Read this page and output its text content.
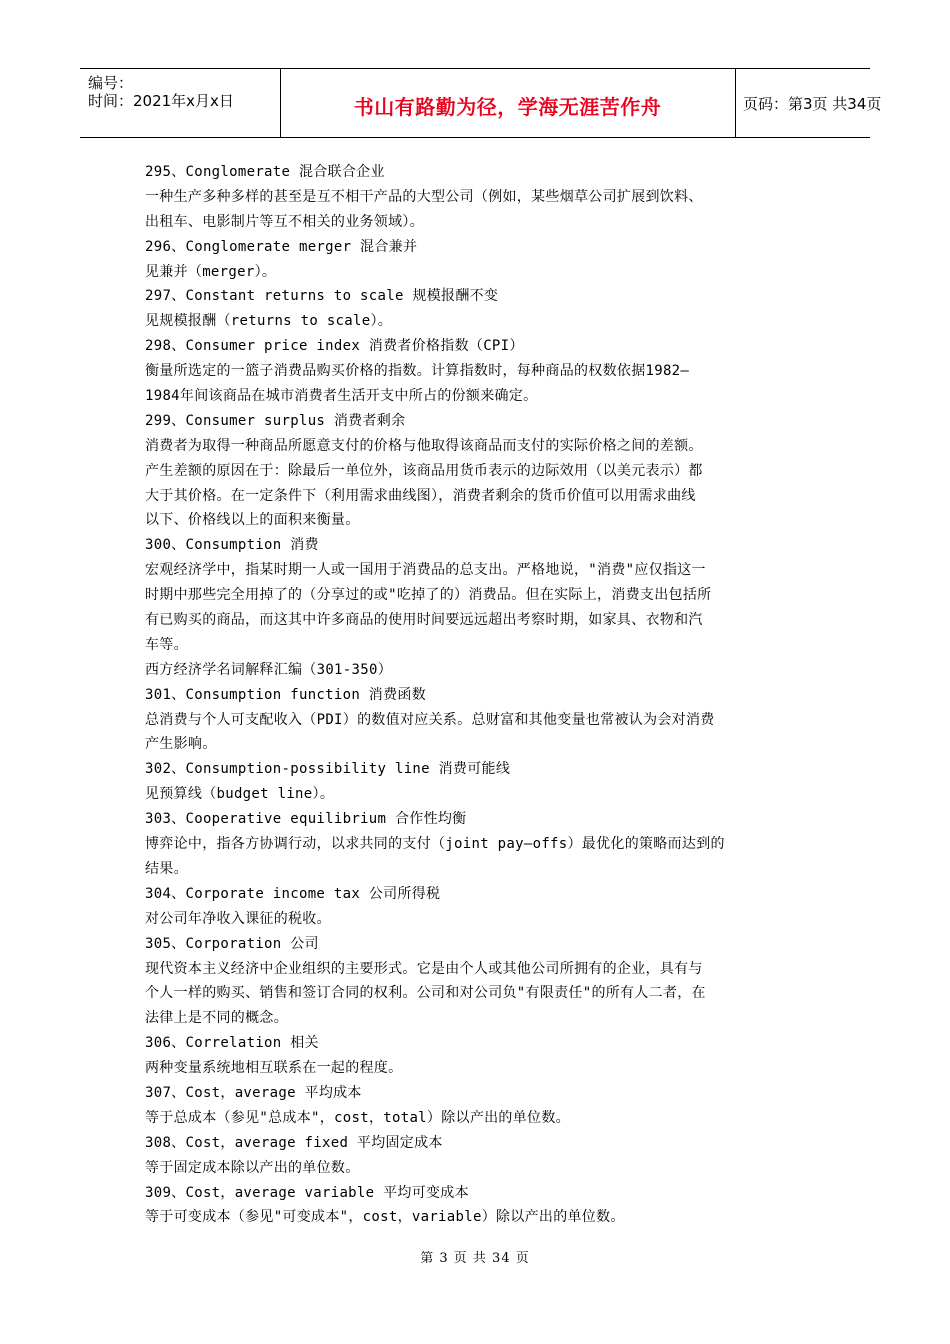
编号：
时间：2021年x月x日	书山有路勤为径，学海无涯苦作舟	页码：第3页 共34页
295、Conglomerate 混合联合企业
一种生产多种多样的甚至是互不相干产品的大型公司（例如，某些烟草公司扩展到饮料、
出租车、电影制片等互不相关的业务领域）。
296、Conglomerate merger 混合兼并
见兼并（merger）。
297、Constant returns to scale 规模报酬不变
见规模报酬（returns to scale）。
298、Consumer price index 消费者价格指数（CPI）
衡量所选定的一篮子消费品购买价格的指数。计算指数时，每种商品的权数依据1982—
1984年间该商品在城市消费者生活开支中所占的份额来确定。
299、Consumer surplus 消费者剩余
消费者为取得一种商品所愿意支付的价格与他取得该商品而支付的实际价格之间的差额。
产生差额的原因在于：除最后一单位外，该商品用货币表示的边际效用（以美元表示）都
大于其价格。在一定条件下（利用需求曲线图），消费者剩余的货币价值可以用需求曲线
以下、价格线以上的面积来衡量。
300、Consumption 消费
宏观经济学中，指某时期一人或一国用于消费品的总支出。严格地说，"消费"应仅指这一
时期中那些完全用掉了的（分享过的或"吃掉了的）消费品。但在实际上，消费支出包括所
有已购买的商品，而这其中许多商品的使用时间要远远超出考察时期，如家具、衣物和汽
车等。
西方经济学名词解释汇编（301-350）
301、Consumption function 消费函数
总消费与个人可支配收入（PDI）的数值对应关系。总财富和其他变量也常被认为会对消费
产生影响。
302、Consumption-possibility line 消费可能线
见预算线（budget line）。
303、Cooperative equilibrium 合作性均衡
博弈论中，指各方协调行动，以求共同的支付（joint pay—offs）最优化的策略而达到的
结果。
304、Corporate income tax 公司所得税
对公司年净收入课征的税收。
305、Corporation 公司
现代资本主义经济中企业组织的主要形式。它是由个人或其他公司所拥有的企业，具有与
个人一样的购买、销售和签订合同的权利。公司和对公司负"有限责任"的所有人二者，在
法律上是不同的概念。
306、Correlation 相关
两种变量系统地相互联系在一起的程度。
307、Cost，average 平均成本
等于总成本（参见"总成本"，cost，total）除以产出的单位数。
308、Cost，average fixed 平均固定成本
等于固定成本除以产出的单位数。
309、Cost，average variable 平均可变成本
等于可变成本（参见"可变成本"，cost，variable）除以产出的单位数。
第 3 页 共 34 页
